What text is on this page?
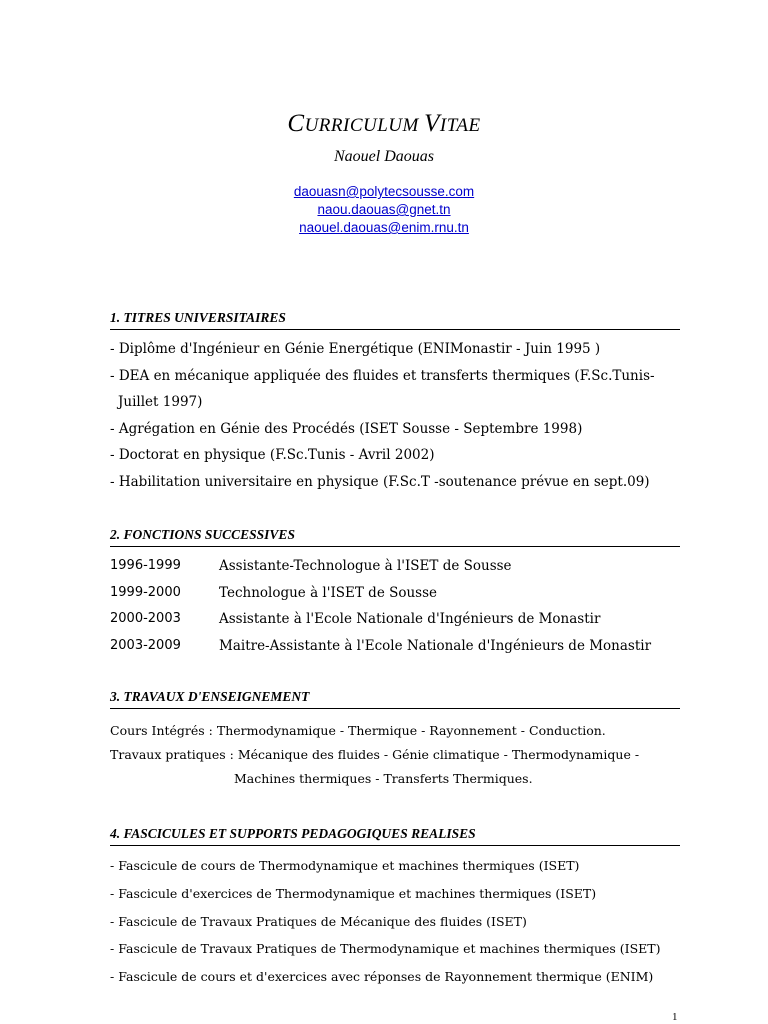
CURRICULUM VITAE
Naouel Daouas
daouasn@polytecsousse.com
naou.daouas@gnet.tn
naouel.daouas@enim.rnu.tn
1. TITRES UNIVERSITAIRES
- Diplôme d'Ingénieur en Génie Energétique (ENIMonastir - Juin 1995 )
- DEA en mécanique appliquée des fluides et transferts thermiques (F.Sc.Tunis-
Juillet 1997)
- Agrégation en Génie des Procédés (ISET Sousse - Septembre 1998)
- Doctorat en physique (F.Sc.Tunis - Avril 2002)
- Habilitation universitaire en physique (F.Sc.T -soutenance prévue en sept.09)
2. FONCTIONS SUCCESSIVES
1996-1999	Assistante-Technologue à l'ISET de Sousse
1999-2000	Technologue à l'ISET de Sousse
2000-2003	Assistante à l'Ecole Nationale d'Ingénieurs de Monastir
2003-2009	Maitre-Assistante à l'Ecole Nationale d'Ingénieurs de Monastir
3. TRAVAUX D'ENSEIGNEMENT
Cours Intégrés : Thermodynamique - Thermique - Rayonnement - Conduction.
Travaux pratiques : Mécanique des fluides - Génie climatique - Thermodynamique -
Machines thermiques - Transferts Thermiques.
4. FASCICULES ET SUPPORTS PEDAGOGIQUES REALISES
- Fascicule de cours de Thermodynamique et machines thermiques (ISET)
- Fascicule d'exercices de Thermodynamique et machines thermiques (ISET)
- Fascicule de Travaux Pratiques de Mécanique des fluides (ISET)
- Fascicule de Travaux Pratiques de Thermodynamique et machines thermiques (ISET)
- Fascicule de cours et d'exercices avec réponses de Rayonnement thermique (ENIM)
1
